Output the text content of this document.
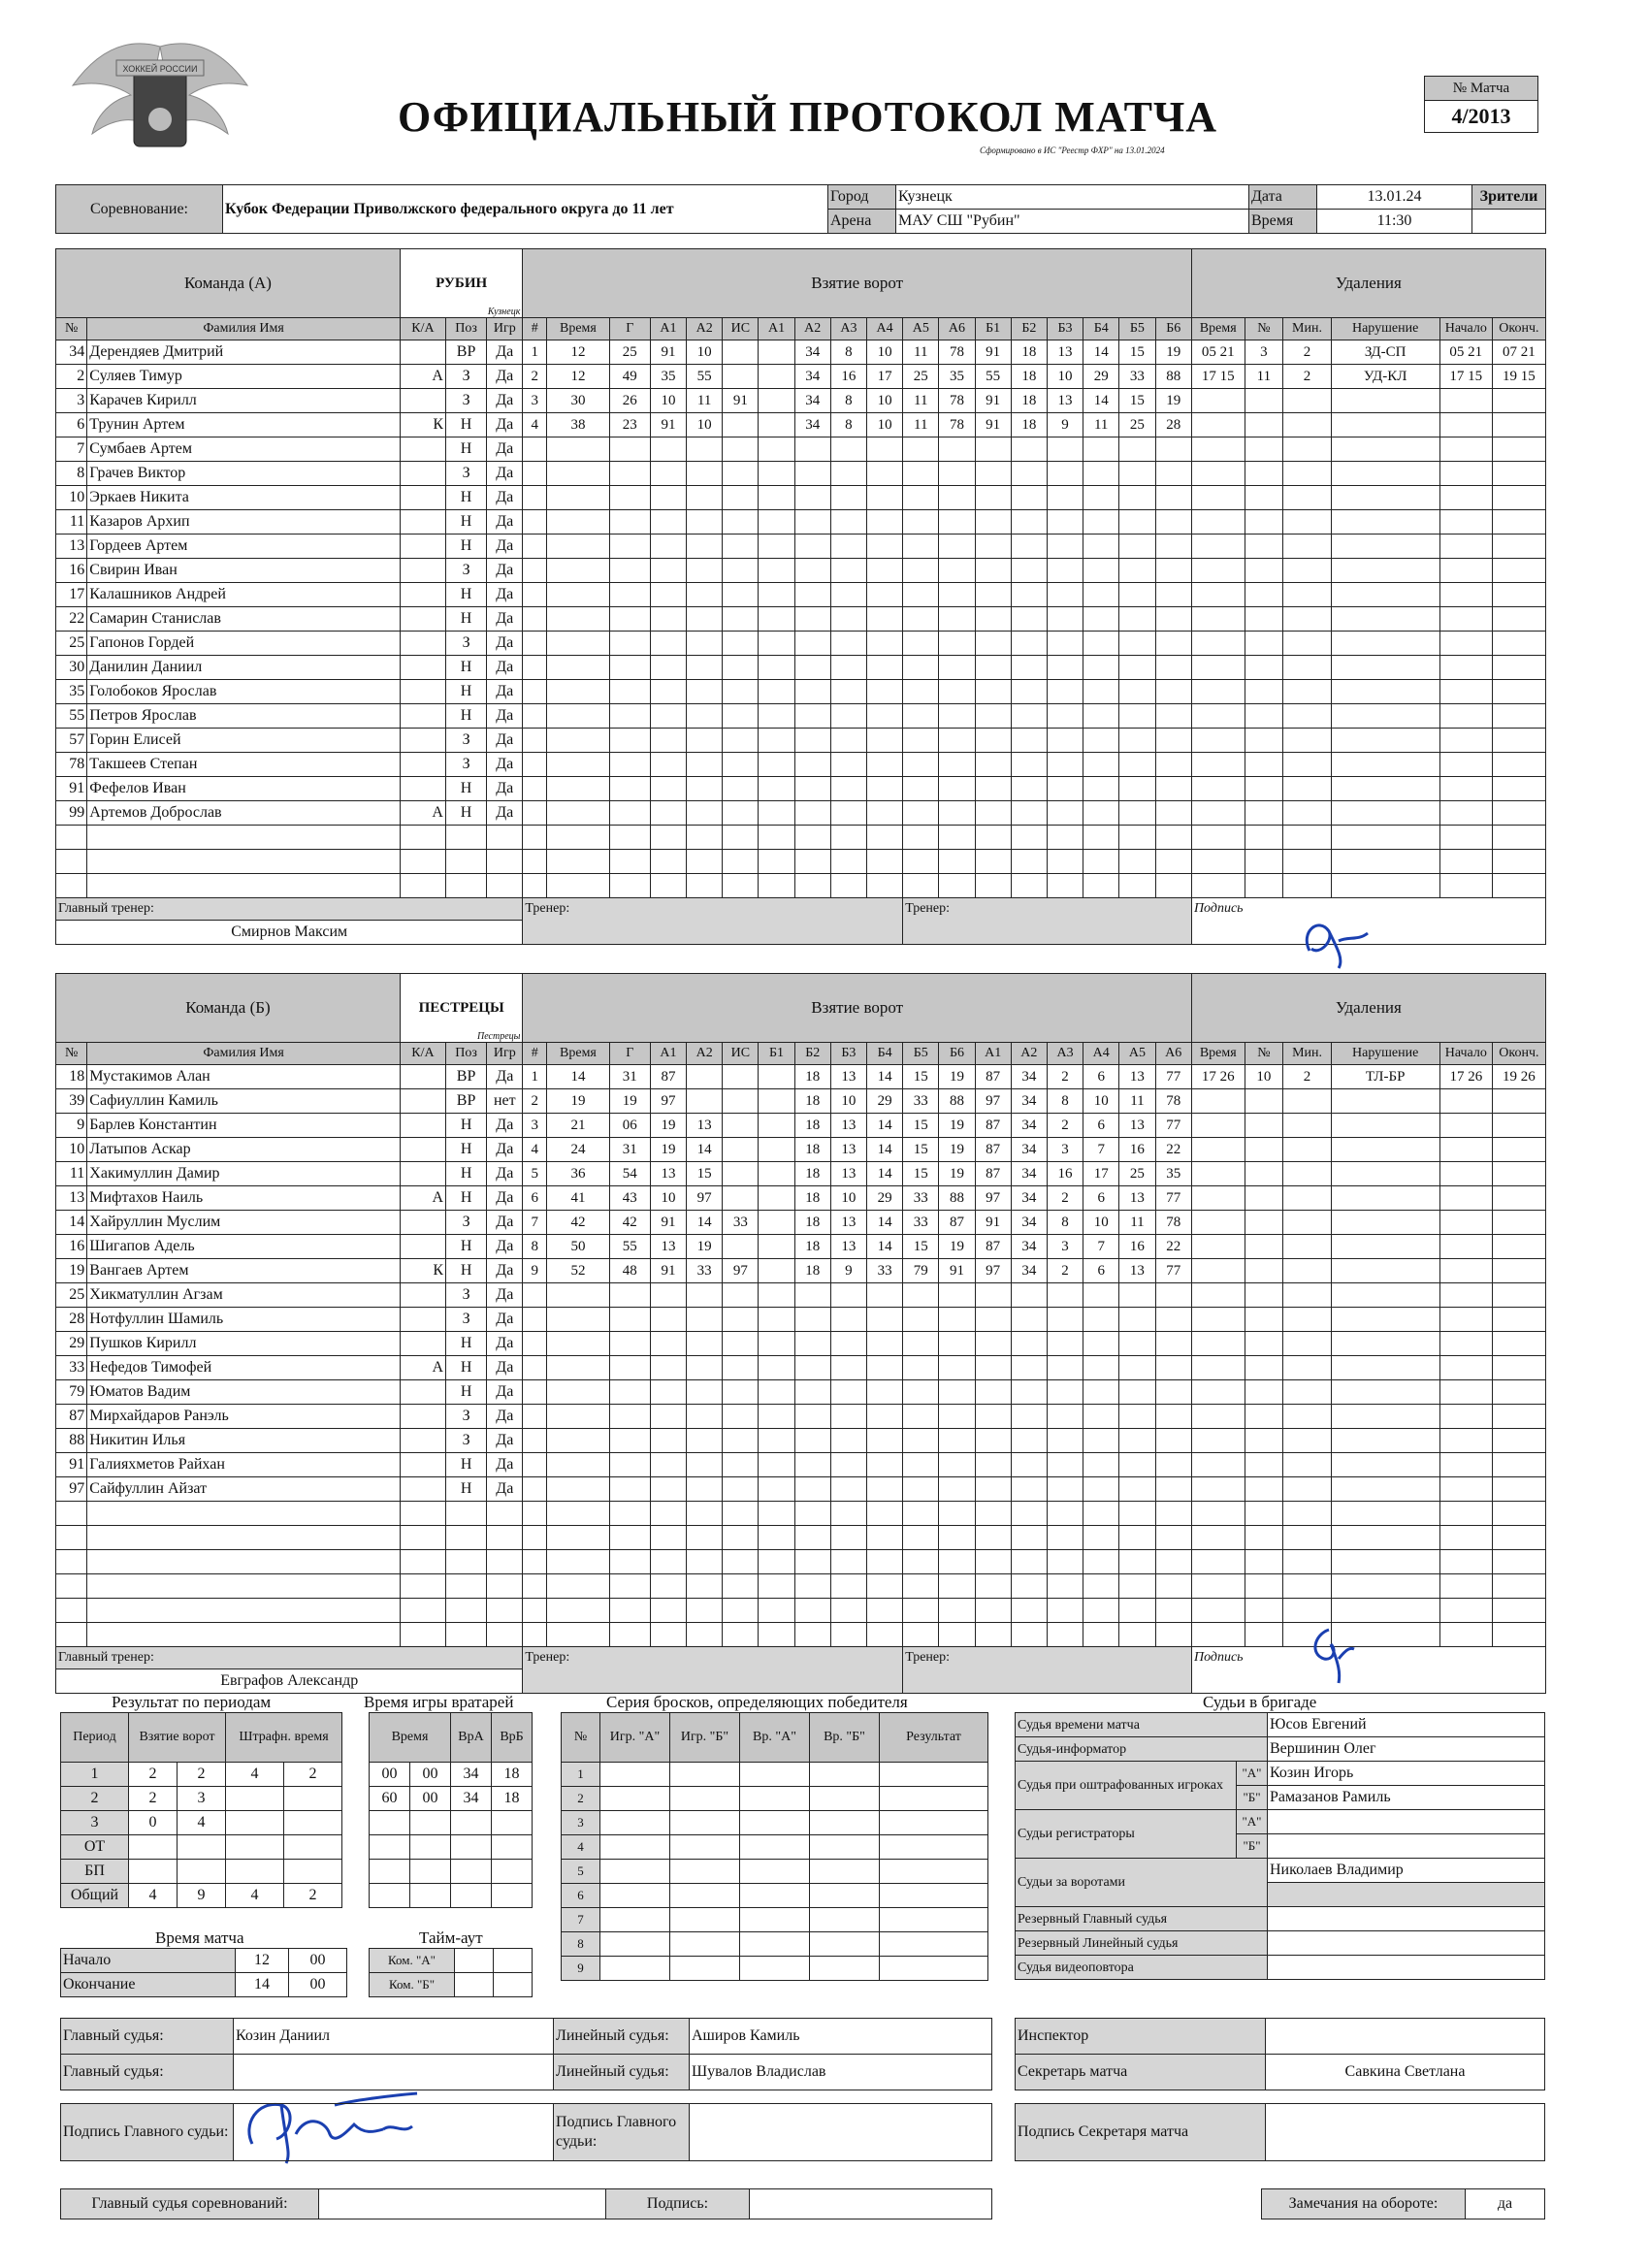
ХОККЕЙ РОССИИ
ОФИЦИАЛЬНЫЙ ПРОТОКОЛ МАТЧА
Сформировано в ИС "Реестр ФХР" на 13.01.2024
№ Матча
4/2013
Соревнование:	Кубок Федерации Приволжского федерального округа до 11 лет	Город	Кузнецк	Дата	13.01.24	Зрители
		Арена	МАУ СШ "Рубин"	Время	11:30	
Команда (А)		РУБИН
Кузнецк			Взятие ворот																		Удаления					
№	Фамилия Имя	К/А	Поз	Игр	#	Время	Г	А1	А2	ИС	А1	А2	А3	А4	А5	А6	Б1	Б2	Б3	Б4	Б5	Б6	Время	№	Мин.	Нарушение	Начало	Оконч.
34	Дерендяев Дмитрий		ВР	Да	1	12	25	91	10			34	8	10	11	78	91	18	13	14	15	19	05 21	3	2	ЗД-СП	05 21	07 21
2	Суляев Тимур	А	З	Да	2	12	49	35	55			34	16	17	25	35	55	18	10	29	33	88	17 15	11	2	УД-КЛ	17 15	19 15
3	Карачев Кирилл		З	Да	3	30	26	10	11	91		34	8	10	11	78	91	18	13	14	15	19						
6	Трунин Артем	К	Н	Да	4	38	23	91	10			34	8	10	11	78	91	18	9	11	25	28						
7	Сумбаев Артем		Н	Да																								
8	Грачев Виктор		З	Да																								
10	Эркаев Никита		Н	Да																								
11	Казаров Архип		Н	Да																								
13	Гордеев Артем		Н	Да																								
16	Свирин Иван		З	Да																								
17	Калашников Андрей		Н	Да																								
22	Самарин Станислав		Н	Да																								
25	Гапонов Гордей		З	Да																								
30	Данилин Даниил		Н	Да																								
35	Голобоков Ярослав		Н	Да																								
55	Петров Ярослав		Н	Да																								
57	Горин Елисей		З	Да																								
78	Такшеев Степан		З	Да																								
91	Фефелов Иван		Н	Да																								
99	Артемов Доброслав	А	Н	Да																								

Главный тренер:					Тренер:										Тренер:								Подпись					
Смирнов Максим																												
Команда (Б)		ПЕСТРЕЦЫ
Пестрецы			Взятие ворот																		Удаления					
№	Фамилия Имя	К/А	Поз	Игр	#	Время	Г	А1	А2	ИС	Б1	Б2	Б3	Б4	Б5	Б6	А1	А2	А3	А4	А5	А6	Время	№	Мин.	Нарушение	Начало	Оконч.
18	Мустакимов Алан		ВР	Да	1	14	31	87				18	13	14	15	19	87	34	2	6	13	77	17 26	10	2	ТЛ-БР	17 26	19 26
39	Сафиуллин Камиль		ВР	нет	2	19	19	97				18	10	29	33	88	97	34	8	10	11	78						
9	Барлев Константин		Н	Да	3	21	06	19	13			18	13	14	15	19	87	34	2	6	13	77						
10	Латыпов Аскар		Н	Да	4	24	31	19	14			18	13	14	15	19	87	34	3	7	16	22						
11	Хакимуллин Дамир		Н	Да	5	36	54	13	15			18	13	14	15	19	87	34	16	17	25	35						
13	Мифтахов Наиль	А	Н	Да	6	41	43	10	97			18	10	29	33	88	97	34	2	6	13	77						
14	Хайруллин Муслим		З	Да	7	42	42	91	14	33		18	13	14	33	87	91	34	8	10	11	78						
16	Шигапов Адель		Н	Да	8	50	55	13	19			18	13	14	15	19	87	34	3	7	16	22						
19	Вангаев Артем	К	Н	Да	9	52	48	91	33	97		18	9	33	79	91	97	34	2	6	13	77						
25	Хикматуллин Агзам		З	Да																								
28	Нотфуллин Шамиль		З	Да																								
29	Пушков Кирилл		Н	Да																								
33	Нефедов Тимофей	А	Н	Да																								
79	Юматов Вадим		Н	Да																								
87	Мирхайдаров Ранэль		З	Да																								
88	Никитин Илья		З	Да																								
91	Галияхметов Райхан		Н	Да																								
97	Сайфуллин Айзат		Н	Да																								

Главный тренер:					Тренер:										Тренер:								Подпись					
Евграфов Александр																												
Результат по периодам
Период	Взятие ворот		Штрафн. время	
1	2	2	4	2
2	2	3		
3	0	4		
ОТ				
БП				
Общий	4	9	4	2
Время игры вратарей
Время		ВрА	ВрБ
00	00	34	18
60	00	34	18

Время матча
Начало	12	00
Окончание	14	00
Тайм-аут
Ком. "А"		
Ком. "Б"		
Серия бросков, определяющих победителя
№	Игр. "А"	Игр. "Б"	Вр. "А"	Вр. "Б"	Результат
1					
2					
3					
4					
5					
6					
7					
8					
9					
Судьи в бригаде
Судья времени матча		Юсов Евгений	
Судья-информатор		Вершинин Олег	
Судья при оштрафованных игроках	"А"	Козин Игорь	
	"Б"	Рамазанов Рамиль	
Судьи регистраторы	"А"		
	"Б"		
Судьи за воротами		Николаев Владимир	

Резервный Главный судья			
Резервный Линейный судья			
Судья видеоповтора			
Главный судья:	Козин Даниил	Линейный судья:	Аширов Камиль
Главный судья:		Линейный судья:	Шувалов Владислав
Инспектор	
Секретарь матча	Савкина Светлана
Подпись Главного судьи:		Подпись Главного судьи:	
Подпись Секретаря матча	
Главный судья соревнований:		Подпись:		Замечания на обороте:	да
